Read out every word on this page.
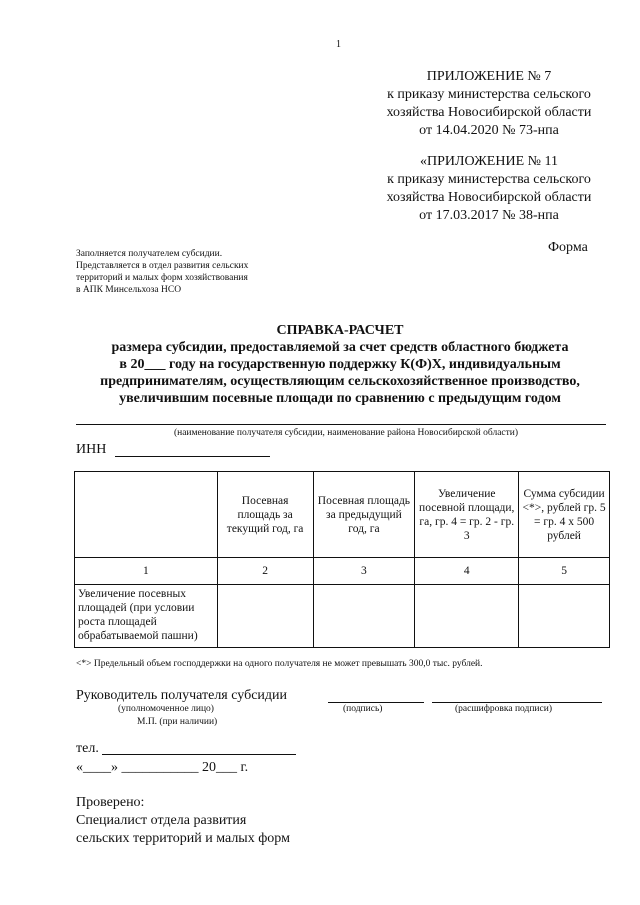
1
ПРИЛОЖЕНИЕ № 7
к приказу министерства сельского
хозяйства Новосибирской области
от 14.04.2020 № 73-нпа
«ПРИЛОЖЕНИЕ № 11
к приказу министерства сельского
хозяйства Новосибирской области
от 17.03.2017 № 38-нпа
Форма
Заполняется получателем субсидии.
Представляется в отдел развития сельских
территорий и малых форм хозяйствования
в АПК Минсельхоза НСО
СПРАВКА-РАСЧЕТ
размера субсидии, предоставляемой за счет средств областного бюджета
в 20___ году на государственную поддержку К(Ф)Х, индивидуальным
предпринимателям, осуществляющим сельскохозяйственное производство,
увеличившим посевные площади по сравнению с предыдущим годом
(наименование получателя субсидии, наименование района Новосибирской области)
ИНН
	Посевная площадь за текущий год, га	Посевная площадь за предыдущий год, га	Увеличение посевной площади, га, гр. 4 = гр. 2 - гр. 3	Сумма субсидии <*>, рублей гр. 5 = гр. 4 х 500 рублей
1	2	3	4	5
Увеличение посевных площадей (при условии роста площадей обрабатываемой пашни)				
<*> Предельный объем господдержки на одного получателя не может превышать 300,0 тыс. рублей.
Руководитель получателя субсидии
(уполномоченное лицо)	(подпись)	(расшифровка подписи)
М.П. (при наличии)
тел.
«____» ___________ 20___ г.
Проверено:
Специалист отдела развития
сельских территорий и малых форм
